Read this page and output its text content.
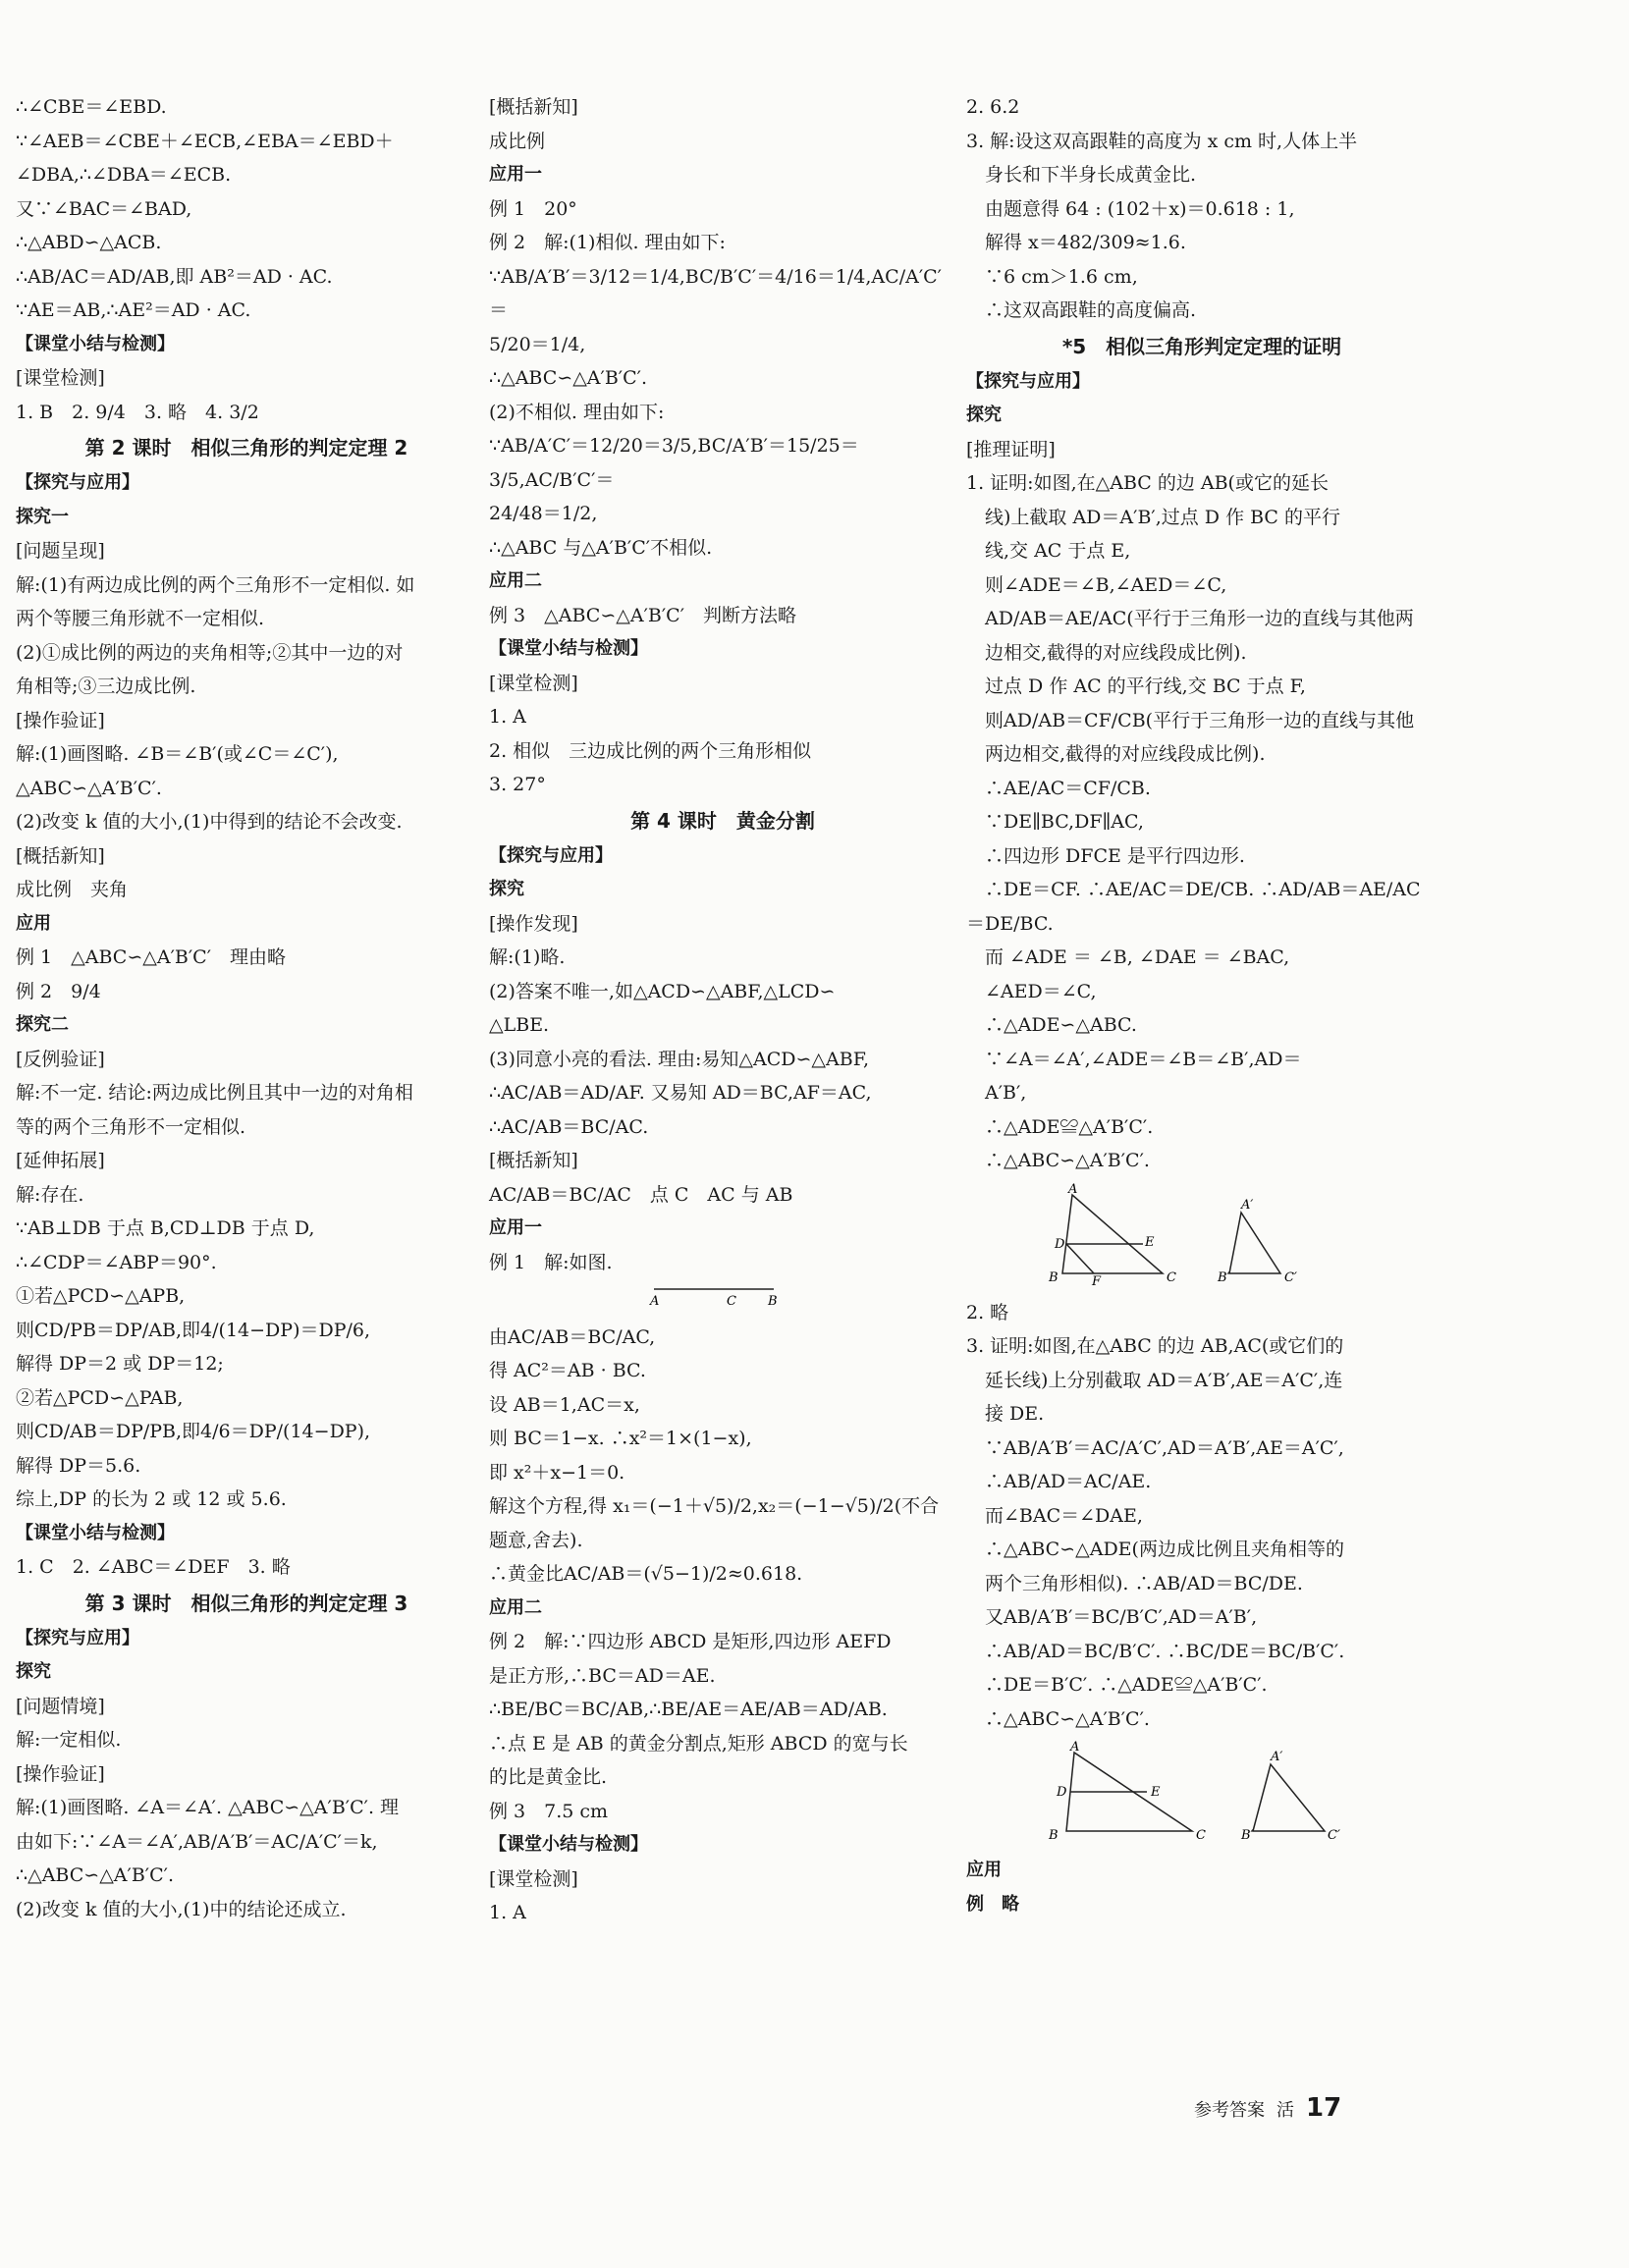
∴∠CBE＝∠EBD.
∵∠AEB＝∠CBE＋∠ECB,∠EBA＝∠EBD＋
∠DBA,∴∠DBA＝∠ECB.
又∵∠BAC＝∠BAD,
∴△ABD∽△ACB.
∴AB/AC＝AD/AB,即 AB²＝AD · AC.
∵AE＝AB,∴AE²＝AD · AC.
【课堂小结与检测】
[课堂检测]
1. B　2. 9/4　3. 略　4. 3/2
第 2 课时　相似三角形的判定定理 2
【探究与应用】
探究一
[问题呈现]
解:(1)有两边成比例的两个三角形不一定相似. 如
两个等腰三角形就不一定相似.
(2)①成比例的两边的夹角相等;②其中一边的对
角相等;③三边成比例.
[操作验证]
解:(1)画图略. ∠B＝∠B′(或∠C＝∠C′),
△ABC∽△A′B′C′.
(2)改变 k 值的大小,(1)中得到的结论不会改变.
[概括新知]
成比例　夹角
应用
例 1　△ABC∽△A′B′C′　理由略
例 2　9/4
探究二
[反例验证]
解:不一定. 结论:两边成比例且其中一边的对角相
等的两个三角形不一定相似.
[延伸拓展]
解:存在.
∵AB⊥DB 于点 B,CD⊥DB 于点 D,
∴∠CDP＝∠ABP＝90°.
①若△PCD∽△APB,
则CD/PB＝DP/AB,即4/(14−DP)＝DP/6,
解得 DP＝2 或 DP＝12;
②若△PCD∽△PAB,
则CD/AB＝DP/PB,即4/6＝DP/(14−DP),
解得 DP＝5.6.
综上,DP 的长为 2 或 12 或 5.6.
【课堂小结与检测】
1. C　2. ∠ABC＝∠DEF　3. 略
第 3 课时　相似三角形的判定定理 3
【探究与应用】
探究
[问题情境]
解:一定相似.
[操作验证]
解:(1)画图略. ∠A＝∠A′. △ABC∽△A′B′C′. 理
由如下:∵∠A＝∠A′,AB/A′B′＝AC/A′C′＝k,
∴△ABC∽△A′B′C′.
(2)改变 k 值的大小,(1)中的结论还成立.
[概括新知]
成比例
应用一
例 1　20°
例 2　解:(1)相似. 理由如下:
∵AB/A′B′＝3/12＝1/4,BC/B′C′＝4/16＝1/4,AC/A′C′＝
5/20＝1/4,
∴△ABC∽△A′B′C′.
(2)不相似. 理由如下:
∵AB/A′C′＝12/20＝3/5,BC/A′B′＝15/25＝3/5,AC/B′C′＝
24/48＝1/2,
∴△ABC 与△A′B′C′不相似.
应用二
例 3　△ABC∽△A′B′C′　判断方法略
【课堂小结与检测】
[课堂检测]
1. A
2. 相似　三边成比例的两个三角形相似
3. 27°
第 4 课时　黄金分割
【探究与应用】
探究
[操作发现]
解:(1)略.
(2)答案不唯一,如△ACD∽△ABF,△LCD∽
△LBE.
(3)同意小亮的看法. 理由:易知△ACD∽△ABF,
∴AC/AB＝AD/AF. 又易知 AD＝BC,AF＝AC,
∴AC/AB＝BC/AC.
[概括新知]
AC/AB＝BC/AC　点 C　AC 与 AB
应用一
例 1　解:如图.
A	C B
由AC/AB＝BC/AC,
得 AC²＝AB · BC.
设 AB＝1,AC＝x,
则 BC＝1−x. ∴x²＝1×(1−x),
即 x²＋x−1＝0.
解这个方程,得 x₁＝(−1＋√5)/2,x₂＝(−1−√5)/2(不合
题意,舍去).
∴黄金比AC/AB＝(√5−1)/2≈0.618.
应用二
例 2　解:∵四边形 ABCD 是矩形,四边形 AEFD
是正方形,∴BC＝AD＝AE.
∴BE/BC＝BC/AB,∴BE/AE＝AE/AB＝AD/AB.
∴点 E 是 AB 的黄金分割点,矩形 ABCD 的宽与长
的比是黄金比.
例 3　7.5 cm
【课堂小结与检测】
[课堂检测]
1. A
2. 6.2
3. 解:设这双高跟鞋的高度为 x cm 时,人体上半
　身长和下半身长成黄金比.
　由题意得 64 : (102＋x)＝0.618 : 1,
　解得 x＝482/309≈1.6.
　∵6 cm＞1.6 cm,
　∴这双高跟鞋的高度偏高.
*5　相似三角形判定定理的证明
【探究与应用】
探究
[推理证明]
1. 证明:如图,在△ABC 的边 AB(或它的延长
　线)上截取 AD＝A′B′,过点 D 作 BC 的平行
　线,交 AC 于点 E,
　则∠ADE＝∠B,∠AED＝∠C,
　AD/AB＝AE/AC(平行于三角形一边的直线与其他两
　边相交,截得的对应线段成比例).
　过点 D 作 AC 的平行线,交 BC 于点 F,
　则AD/AB＝CF/CB(平行于三角形一边的直线与其他
　两边相交,截得的对应线段成比例).
　∴AE/AC＝CF/CB.
　∵DE∥BC,DF∥AC,
　∴四边形 DFCE 是平行四边形.
　∴DE＝CF. ∴AE/AC＝DE/CB. ∴AD/AB＝AE/AC＝DE/BC.
　而 ∠ADE ＝ ∠B, ∠DAE ＝ ∠BAC,
　∠AED＝∠C,
　∴△ADE∽△ABC.
　∵∠A＝∠A′,∠ADE＝∠B＝∠B′,AD＝
　A′B′,
　∴△ADE≌△A′B′C′.
　∴△ABC∽△A′B′C′.
A
D	E
B	F	C
A′
B′	C′
2. 略
3. 证明:如图,在△ABC 的边 AB,AC(或它们的
　延长线)上分别截取 AD＝A′B′,AE＝A′C′,连
　接 DE.
　∵AB/A′B′＝AC/A′C′,AD＝A′B′,AE＝A′C′,
　∴AB/AD＝AC/AE.
　而∠BAC＝∠DAE,
　∴△ABC∽△ADE(两边成比例且夹角相等的
　两个三角形相似). ∴AB/AD＝BC/DE.
　又AB/A′B′＝BC/B′C′,AD＝A′B′,
　∴AB/AD＝BC/B′C′. ∴BC/DE＝BC/B′C′.
　∴DE＝B′C′. ∴△ADE≌△A′B′C′.
　∴△ABC∽△A′B′C′.
A
D	E
B	C
A′
B′	C′
应用
例　略
参考答案 活 17
